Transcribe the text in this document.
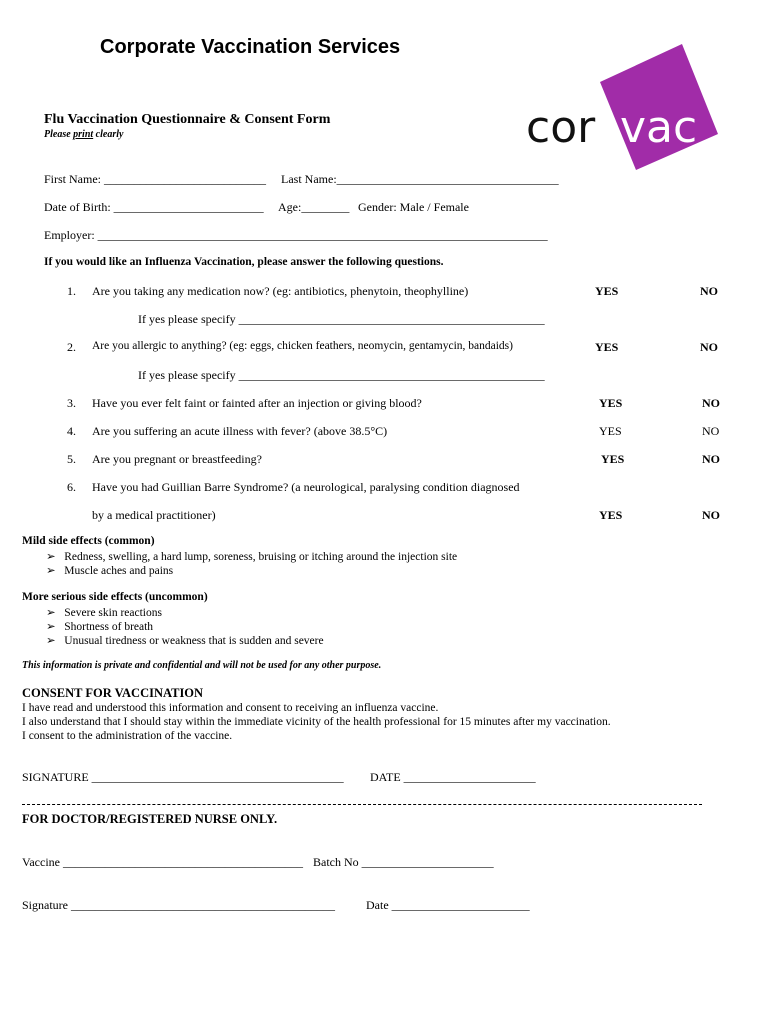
Corporate Vaccination Services
Flu Vaccination Questionnaire & Consent Form
Please print clearly	cor vac
First Name: ___________________________ Last Name:_____________________________________
Date of Birth: _________________________ Age:________ Gender: Male / Female
Employer: ___________________________________________________________________________
If you would like an Influenza Vaccination, please answer the following questions.
1. Are you taking any medication now? (eg: antibiotics, phenytoin, theophylline)	YES	NO
If yes please specify ___________________________________________________
2. Are you allergic to anything? (eg: eggs, chicken feathers, neomycin, gentamycin, bandaids)	YES	NO
If yes please specify ___________________________________________________
3. Have you ever felt faint or fainted after an injection or giving blood?	YES	NO
4. Are you suffering an acute illness with fever? (above 38.5°C)	YES	NO
5. Are you pregnant or breastfeeding?	YES	NO
6. Have you had Guillian Barre Syndrome? (a neurological, paralysing condition diagnosed
by a medical practitioner)	YES	NO
Mild side effects (common)
➢ Redness, swelling, a hard lump, soreness, bruising or itching around the injection site
➢ Muscle aches and pains
More serious side effects (uncommon)
➢ Severe skin reactions
➢ Shortness of breath
➢ Unusual tiredness or weakness that is sudden and severe
This information is private and confidential and will not be used for any other purpose.
CONSENT FOR VACCINATION
I have read and understood this information and consent to receiving an influenza vaccine.
I also understand that I should stay within the immediate vicinity of the health professional for 15 minutes after my vaccination.
I consent to the administration of the vaccine.
SIGNATURE __________________________________________ DATE ______________________
FOR DOCTOR/REGISTERED NURSE ONLY.
Vaccine ________________________________________ Batch No ______________________
Signature ____________________________________________	Date _______________________
